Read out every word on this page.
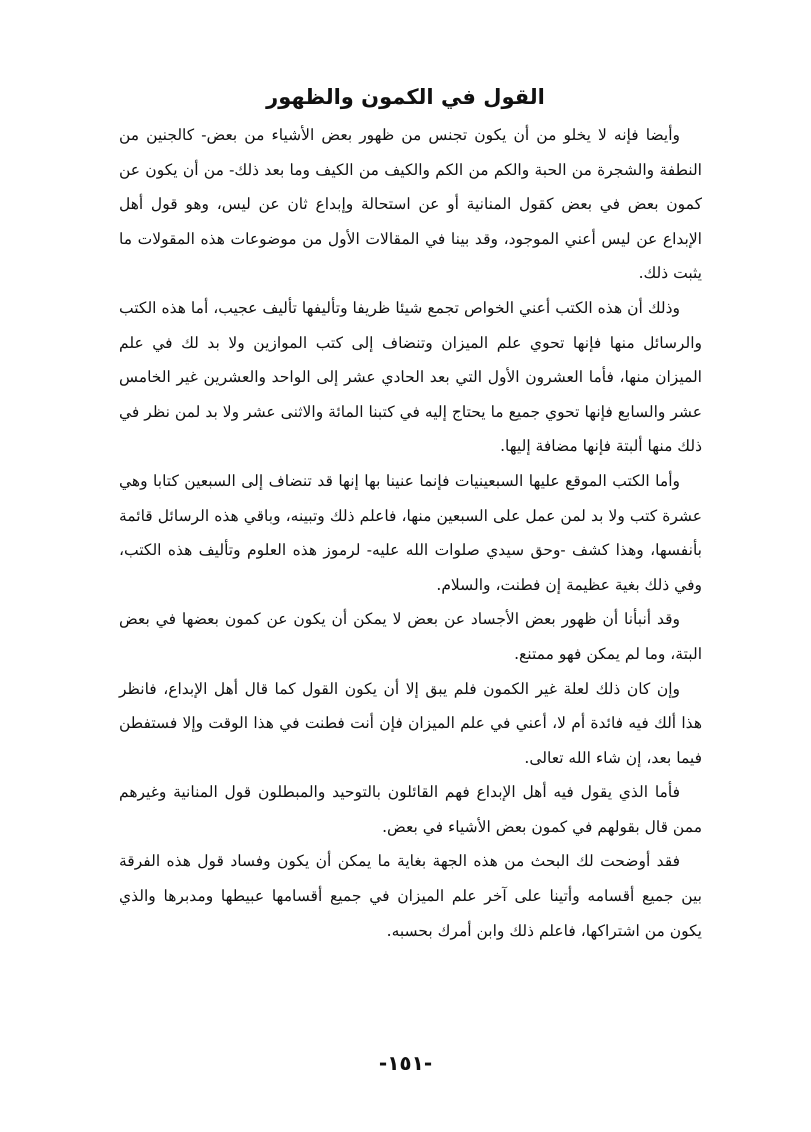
القول في الكمون والظهور

وأيضا فإنه لا يخلو من أن يكون تجنس من ظهور بعض الأشياء من بعض- كالجنين من النطفة والشجرة من الحبة والكم من الكم والكيف من الكيف وما بعد ذلك- من أن يكون عن كمون بعض في بعض كقول المنانية أو عن استحالة وإبداع ثان عن ليس، وهو قول أهل الإبداع عن ليس أعني الموجود، وقد بينا في المقالات الأول من موضوعات هذه المقولات ما يثبت ذلك.

وذلك أن هذه الكتب أعني الخواص تجمع شيئا ظريفا وتأليفها تأليف عجيب، أما هذه الكتب والرسائل منها فإنها تحوي علم الميزان وتنضاف إلى كتب الموازين ولا بد لك في علم الميزان منها، فأما العشرون الأول التي بعد الحادي عشر إلى الواحد والعشرين غير الخامس عشر والسابع فإنها تحوي جميع ما يحتاج إليه في كتبنا المائة والاثنى عشر ولا بد لمن نظر في ذلك منها ألبتة فإنها مضافة إليها.

وأما الكتب الموقع عليها السبعينيات فإنما عنينا بها إنها قد تنضاف إلى السبعين كتابا وهي عشرة كتب ولا بد لمن عمل على السبعين منها، فاعلم ذلك وتبينه، وباقي هذه الرسائل قائمة بأنفسها، وهذا كشف -وحق سيدي صلوات الله عليه- لرموز هذه العلوم وتأليف هذه الكتب، وفي ذلك بغية عظيمة إن فطنت، والسلام.

وقد أنبأنا أن ظهور بعض الأجساد عن بعض لا يمكن أن يكون عن كمون بعضها في بعض البتة، وما لم يمكن فهو ممتنع.

وإن كان ذلك لعلة غير الكمون فلم يبق إلا أن يكون القول كما قال أهل الإبداع، فانظر هذا ألك فيه فائدة أم لا، أعني في علم الميزان فإن أنت فطنت في هذا الوقت وإلا فستفطن فيما بعد، إن شاء الله تعالى.

فأما الذي يقول فيه أهل الإبداع فهم القائلون بالتوحيد والمبطلون قول المنانية وغيرهم ممن قال بقولهم في كمون بعض الأشياء في بعض.

فقد أوضحت لك البحث من هذه الجهة بغاية ما يمكن أن يكون وفساد قول هذه الفرقة بين جميع أقسامه وأتينا على آخر علم الميزان في جميع أقسامها عبيطها ومدبرها والذي يكون من اشتراكها، فاعلم ذلك وابن أمرك بحسبه.

-١٥١-
